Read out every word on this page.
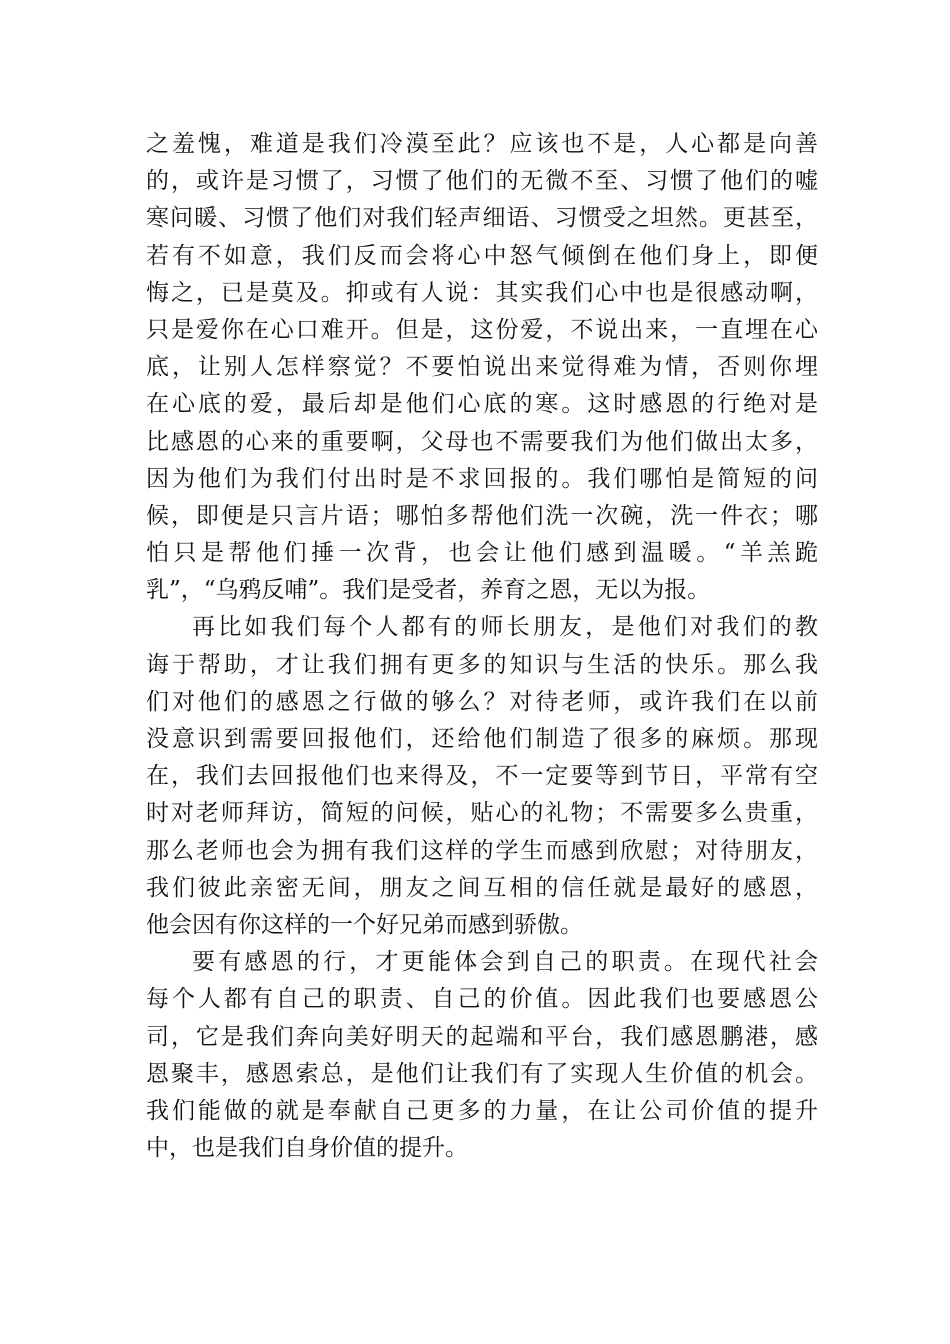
之羞愧，难道是我们冷漠至此？应该也不是，人心都是向善
的，或许是习惯了，习惯了他们的无微不至、习惯了他们的嘘
寒问暖、习惯了他们对我们轻声细语、习惯受之坦然。更甚至，
若有不如意，我们反而会将心中怒气倾倒在他们身上，即便
悔之，已是莫及。抑或有人说：其实我们心中也是很感动啊，
只是爱你在心口难开。但是，这份爱，不说出来，一直埋在心
底，让别人怎样察觉？不要怕说出来觉得难为情，否则你埋
在心底的爱，最后却是他们心底的寒。这时感恩的行绝对是
比感恩的心来的重要啊，父母也不需要我们为他们做出太多，
因为他们为我们付出时是不求回报的。我们哪怕是简短的问
候，即便是只言片语；哪怕多帮他们洗一次碗，洗一件衣；哪
怕只是帮他们捶一次背，也会让他们感到温暖。“羊羔跪
乳”，“乌鸦反哺”。我们是受者，养育之恩，无以为报。
再比如我们每个人都有的师长朋友，是他们对我们的教
诲于帮助，才让我们拥有更多的知识与生活的快乐。那么我
们对他们的感恩之行做的够么？对待老师，或许我们在以前
没意识到需要回报他们，还给他们制造了很多的麻烦。那现
在，我们去回报他们也来得及，不一定要等到节日，平常有空
时对老师拜访，简短的问候，贴心的礼物；不需要多么贵重，
那么老师也会为拥有我们这样的学生而感到欣慰；对待朋友，
我们彼此亲密无间，朋友之间互相的信任就是最好的感恩，
他会因有你这样的一个好兄弟而感到骄傲。
要有感恩的行，才更能体会到自己的职责。在现代社会
每个人都有自己的职责、自己的价值。因此我们也要感恩公
司，它是我们奔向美好明天的起端和平台，我们感恩鹏港，感
恩聚丰，感恩索总，是他们让我们有了实现人生价值的机会。
我们能做的就是奉献自己更多的力量，在让公司价值的提升
中，也是我们自身价值的提升。
